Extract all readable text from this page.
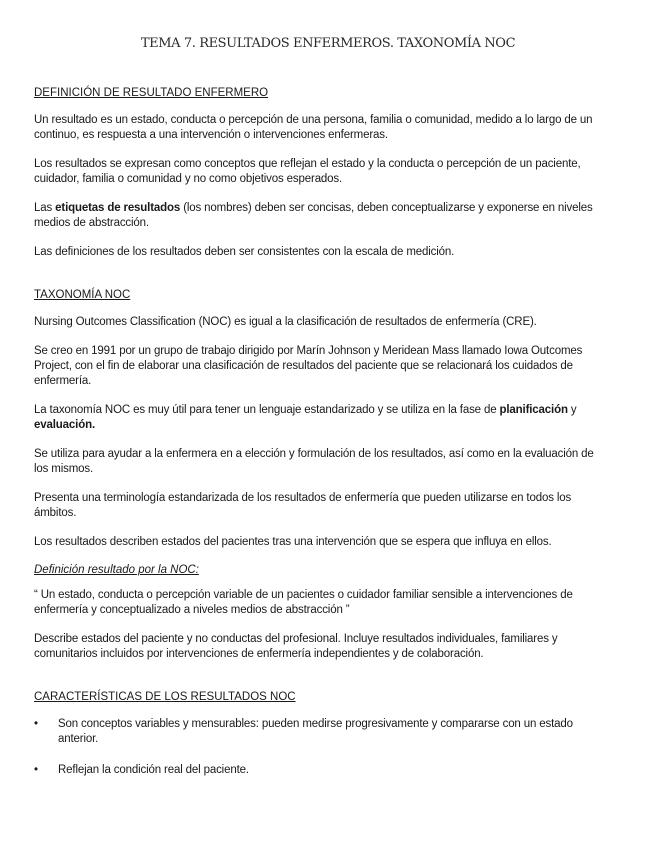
TEMA 7. RESULTADOS ENFERMEROS. TAXONOMÍA NOC
DEFINICIÓN DE RESULTADO ENFERMERO

Un resultado es un estado, conducta o percepción de una persona, familia o comunidad, medido a lo largo de un continuo, es respuesta a una intervención o intervenciones enfermeras.

Los resultados se expresan como conceptos que reflejan el estado y la conducta o percepción de un paciente, cuidador, familia o comunidad y no como objetivos esperados.

Las etiquetas de resultados (los nombres) deben ser concisas, deben conceptualizarse y exponerse en niveles medios de abstracción.

Las definiciones de los resultados deben ser consistentes con la escala de medición.

TAXONOMÍA NOC

Nursing Outcomes Classification (NOC) es igual a la clasificación de resultados de enfermería (CRE).

Se creo en 1991 por un grupo de trabajo dirigido por Marín Johnson y Meridean Mass llamado Iowa Outcomes Project, con el fin de elaborar una clasificación de resultados del paciente que se relacionará los cuidados de enfermería.

La taxonomía NOC es muy útil para tener un lenguaje estandarizado y se utiliza en la fase de planificación y evaluación.

Se utiliza para ayudar a la enfermera en a elección y formulación de los resultados, así como en la evaluación de los mismos.

Presenta una terminología estandarizada de los resultados de enfermería que pueden utilizarse en todos los ámbitos.

Los resultados describen estados del pacientes tras una intervención que se espera que influya en ellos.

Definición resultado por la NOC:

“ Un estado, conducta o percepción variable de un pacientes o cuidador familiar sensible a intervenciones de enfermería y conceptualizado a niveles medios de abstracción ”

Describe estados del paciente y no conductas del profesional. Incluye resultados individuales, familiares y comunitarios incluidos por intervenciones de enfermería independientes y de colaboración.

CARACTERÍSTICAS DE LOS RESULTADOS NOC
• Son conceptos variables y mensurables: pueden medirse progresivamente y compararse con un estado anterior.
• Reflejan la condición real del paciente.
